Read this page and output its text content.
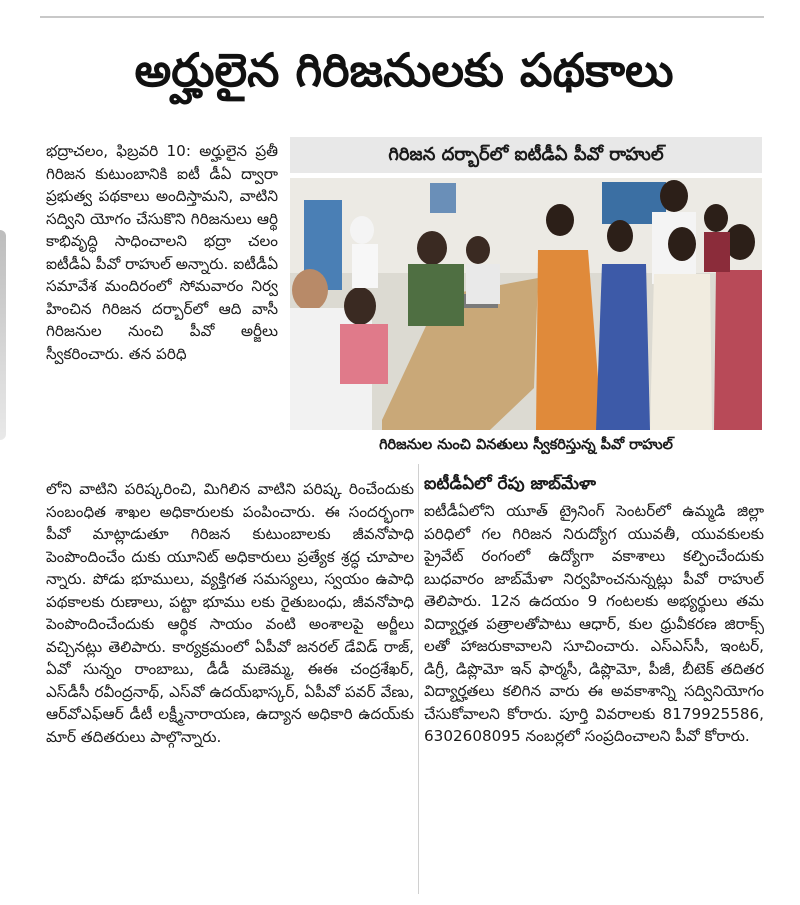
అర్హులైన గిరిజనులకు పథకాలు

భద్రాచలం, ఫిబ్రవరి 10: అర్హులైన ప్రతీ గిరిజన కుటుంబానికి ఐటీ డీఏ ద్వారా ప్రభుత్వ పథకాలు అందిస్తామని, వాటిని సద్విని యోగం చేసుకొని గిరిజనులు ఆర్థి కాభివృద్ధి సాధించాలని భద్రా చలం ఐటీడీఏ పీవో రాహుల్ అన్నారు. ఐటీడీఏ సమావేశ మందిరంలో సోమవారం నిర్వ హించిన గిరిజన దర్బార్‌లో ఆది వాసీ గిరిజనుల నుంచి పీవో అర్జీలు స్వీకరించారు. తన పరిధి

గిరిజన దర్బార్‌లో ఐటీడీఏ పీవో రాహుల్
గిరిజనుల నుంచి వినతులు స్వీకరిస్తున్న పీవో రాహుల్

లోని వాటిని పరిష్కరించి, మిగిలిన వాటిని పరిష్క రించేందుకు సంబంధిత శాఖల అధికారులకు పంపించారు. ఈ సందర్భంగా పీవో మాట్లాడుతూ గిరిజన కుటుంబాలకు జీవనోపాధి పెంపొందించేం దుకు యూనిట్ అధికారులు ప్రత్యేక శ్రద్ధ చూపాల న్నారు. పోడు భూములు, వ్యక్తిగత సమస్యలు, స్వయం ఉపాధి పథకాలకు రుణాలు, పట్టా భూము లకు రైతుబంధు, జీవనోపాధి పెంపొందించేందుకు ఆర్థిక సాయం వంటి అంశాలపై అర్జీలు వచ్చినట్లు తెలిపారు. కార్యక్రమంలో ఏపీవో జనరల్ డేవిడ్ రాజ్, ఏవో సున్నం రాంబాబు, డీడీ మణెమ్మ, ఈఈ చంద్రశేఖర్, ఎస్‌డీసీ రవీంద్రనాథ్, ఎస్‌వో ఉదయ్‌భాస్కర్, ఏపీవో పవర్ వేణు, ఆర్‌వోఎఫ్‌ఆర్ డీటీ లక్ష్మీనారాయణ, ఉద్యాన అధికారి ఉదయ్‌కు మార్ తదితరులు పాల్గొన్నారు.

ఐటీడీఏలో రేపు జాబ్‌మేళా

ఐటీడీఏలోని యూత్ ట్రైనింగ్ సెంటర్‌లో ఉమ్మడి జిల్లా పరిధిలో గల గిరిజన నిరుద్యోగ యువతీ, యువకులకు ప్రైవేట్ రంగంలో ఉద్యోగా వకాశాలు కల్పించేందుకు బుధవారం జాబ్‌మేళా నిర్వహించనున్నట్లు పీవో రాహుల్ తెలిపారు. 12న ఉదయం 9 గంటలకు అభ్యర్థులు తమ విద్యార్హత పత్రాలతోపాటు ఆధార్, కుల ధ్రువీకరణ జిరాక్స్ లతో హాజరుకావాలని సూచించారు. ఎస్‌ఎస్‌సీ, ఇంటర్, డిగ్రీ, డిప్లొమో ఇన్ ఫార్మసీ, డిప్లొమో, పీజీ, బీటెక్ తదితర విద్యార్హతలు కలిగిన వారు ఈ అవకాశాన్ని సద్వినియోగం చేసుకోవాలని కోరారు. పూర్తి వివరాలకు 8179925586, 6302608095 నంబర్లలో సంప్రదించాలని పీవో కోరారు.
